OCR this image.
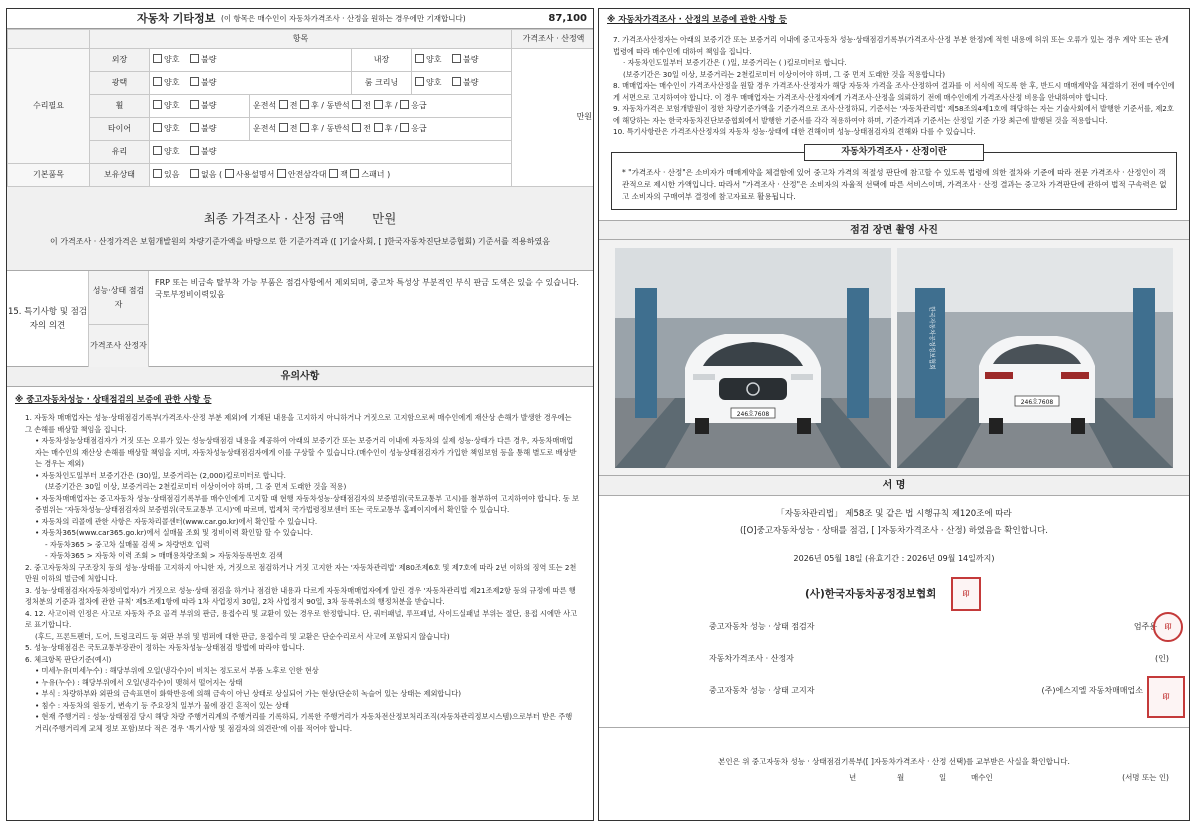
자동차 기타정보 (이 항목은 매수인이 자동차가격조사 · 산정을 원하는 경우에만 기재합니다)	87,100
	항목					가격조사 · 산정액
수리필요	외장	양호 불량		내장	양호 불량	만원
	광택	양호 불량		룸 크리닝	양호 불량	
	휠	양호 불량	운전석 전 후 / 동반석 전 후 / 응급			
	타이어	양호 불량	운전석 전 후 / 동반석 전 후 / 응급			
	유리	양호 불량				
기본품목	보유상태	있음 없음 ( 사용설명서 안전삼각대 잭 스패너 )				
최종 가격조사 · 산정 금액 만원
이 가격조사 · 산정가격은 보험개발원의 차량기준가액을 바탕으로 한 기준가격과 ([ ]기술사회, [ ]한국자동차진단보증협회) 기준서를 적용하였음
15. 특기사항 및 점검자의 의견
성능·상태 점검자
가격조사 산정자
FRP 또는 비금속 탈부착 가능 부품은 점검사항에서 제외되며, 중고차 특성상 부분적인 부식 판금 도색은 있을 수 있습니다.국토부정비이력있음
유의사항
※ 중고자동차성능 · 상태점검의 보증에 관한 사항 등

1. 자동차 매매업자는 성능·상태점검기록부(가격조사·산정 부분 제외)에 기재된 내용을 고지하지 아니하거나 거짓으로 고지함으로써 매수인에게 재산상 손해가 발생한 경우에는 그 손해를 배상할 책임을 집니다.

• 자동차성능상태점검자가 거짓 또는 오류가 있는 성능상태점검 내용을 제공하여 아래의 보증기간 또는 보증거리 이내에 자동차의 실제 성능·상태가 다른 경우, 자동차매매업자는 매수인의 재산상 손해를 배상할 책임을 지며, 자동차성능상태점검자에게 이를 구상할 수 있습니다.(매수인이 성능상태점검자가 가입한 책임보험 등을 통해 별도로 배상받는 경우는 제외)

• 자동차인도일부터 보증기간은 (30)일, 보증거리는 (2,000)킬로미터로 합니다.

(보증기간은 30일 이상, 보증거리는 2천킬로미터 이상이어야 하며, 그 중 먼저 도래한 것을 적용)

• 자동차매매업자는 중고자동차 성능·상태점검기록부를 매수인에게 고지할 때 현행 자동차성능·상태점검자의 보증범위(국토교통부 고시)를 첨부하여 고지하여야 합니다. 동 보증범위는 '자동차성능·상태점검자의 보증범위(국토교통부 고시)'에 따르며, 법제처 국가법령정보센터 또는 국토교통부 홈페이지에서 확인할 수 있습니다.

• 자동차의 리콜에 관한 사항은 자동차리콜센터(www.car.go.kr)에서 확인할 수 있습니다.

• 자동차365(www.car365.go.kr)에서 실매물 조회 및 정비이력 확인할 할 수 있습니다.

- 자동차365 > 중고차 실매물 검색 > 차량번호 입력

- 자동차365 > 자동차 이력 조회 > 매매용차량조회 > 자동차등록번호 검색

2. 중고자동차의 구조장치 등의 성능·상태를 고지하지 아니한 자, 거짓으로 점검하거나 거짓 고지한 자는 '자동차관리법' 제80조제6호 및 제7호에 따라 2년 이하의 징역 또는 2천만원 이하의 벌금에 처합니다.

3. 성능·상태점검자(자동차정비업자)가 거짓으로 성능·상태 점검을 하거나 점검한 내용과 다르게 자동차매매업자에게 알린 경우 '자동차관리법 제21조제2항 등의 규정에 따른 행정처분의 기준과 절차에 관한 규칙' 제5조제1항에 따라 1차 사업정지 30일, 2차 사업정지 90일, 3차 등록취소의 행정처분을 받습니다.

4. 12. 사고이력 인정은 사고로 자동차 주요 골격 부위의 판금, 용접수리 및 교환이 있는 경우로 한정합니다. 단, 쿼터패널, 루프패널, 사이드실패널 부위는 절단, 용접 시에만 사고로 표기합니다.

(후드, 프론트펜더, 도어, 트렁크리드 등 외판 부위 및 범퍼에 대한 판금, 용접수리 및 교환은 단순수리로서 사고에 포함되지 않습니다)

5. 성능·상태점검은 국토교통부장관이 정하는 자동차성능·상태점검 방법에 따라야 합니다.

6. 체크항목 판단기준(예시)

• 미세누유(미세누수) : 해당부위에 오일(냉각수)이 비치는 정도로서 부품 노후로 인한 현상

• 누유(누수) : 해당부위에서 오일(냉각수)이 맺혀서 떨어지는 상태

• 부식 : 차량하부와 외판의 금속표면이 화학반응에 의해 금속이 아닌 상태로 상실되어 가는 현상(단순히 녹슬어 있는 상태는 제외합니다)

• 침수 : 자동차의 원동기, 변속기 등 주요장치 일부가 물에 잠긴 흔적이 있는 상태

• 현재 주행거리 : 성능·상태점검 당시 해당 차량 주행거리계의 주행거리를 기록하되, 기록한 주행거리가 자동차전산정보처리조직(자동차관리정보시스템)으로부터 받은 주행거리(주행거리계 교체 정보 포함)보다 적은 경우 '특기사항 및 점검자의 의견란'에 이를 적어야 합니다.

※ 자동차가격조사 · 산정의 보증에 관한 사항 등

7. 가격조사산정자는 아래의 보증기간 또는 보증거리 이내에 중고자동차 성능·상태점검기록부(가격조사·산정 부분 한정)에 적힌 내용에 허위 또는 오류가 있는 경우 계약 또는 관계법령에 따라 매수인에 대하여 책임을 집니다.

· 자동차인도일부터 보증기간은 ( )일, 보증거리는 ( )킬로미터로 합니다.

(보증기간은 30일 이상, 보증거리는 2천킬로미터 이상이어야 하며, 그 중 먼저 도래한 것을 적용합니다)

8. 매매업자는 매수인이 가격조사산정을 원할 경우 가격조사·산정자가 해당 자동차 가격을 조사·산정하여 결과를 이 서식에 적도록 한 후, 반드시 매매계약을 체결하기 전에 매수인에게 서면으로 고지하여야 합니다. 이 경우 매매업자는 가격조사·산정자에게 가격조사·산정을 의뢰하기 전에 매수인에게 가격조사산정 비용을 안내하여야 합니다.

9. 자동차가격은 보험개발원이 정한 차량기준가액을 기준가격으로 조사·산정하되, 기준서는 '자동차관리법' 제58조의4제1호에 해당하는 자는 기술사회에서 발행한 기준서를, 제2호에 해당하는 자는 한국자동차진단보증협회에서 발행한 기준서를 각각 적용하여야 하며, 기준가격과 기준서는 산정일 기준 가장 최근에 발행된 것을 적용합니다.

10. 특기사항란은 가격조사산정자의 자동차 성능·상태에 대한 견해이며 성능·상태점검자의 견해와 다를 수 있습니다.

자동차가격조사 · 산정이란
* "가격조사 · 산정"은 소비자가 매매계약을 체결함에 있어 중고차 가격의 적절성 판단에 참고할 수 있도록 법령에 의한 절차와 기준에 따라 전문 가격조사 · 산정인이 객관적으로 제시한 가액입니다. 따라서 "가격조사 · 산정"은 소비자의 자율적 선택에 따른 서비스이며, 가격조사 · 산정 결과는 중고차 가격판단에 관하여 법적 구속력은 없고 소비자의 구매여부 결정에 참고자료로 활용됩니다.
점검 장면 촬영 사진
246호7608
한국자동차공정정보협회
246호7608
서 명
「자동차관리법」 제58조 및 같은 법 시행규칙 제120조에 따라
([O]중고자동차성능 · 상태를 점검, [ ]자동차가격조사 · 산정) 하였음을 확인합니다.
2026년 05월 18일 (유효기간 : 2026년 09월 14일까지)
(사)한국자동차공정정보협회	印
중고자동차 성능 · 상태 점검자	엄주용	印
자동차가격조사 · 산정자	(인)
중고자동차 성능 · 상태 고지자	(주)에스지엘 자동차매매업소
印
본인은 위 중고자동차 성능 · 상태점검기록부([ ]자동차가격조사 · 산정 선택)를 교부받은 사실을 확인합니다.
년	월	일	매수인	(서명 또는 인)
